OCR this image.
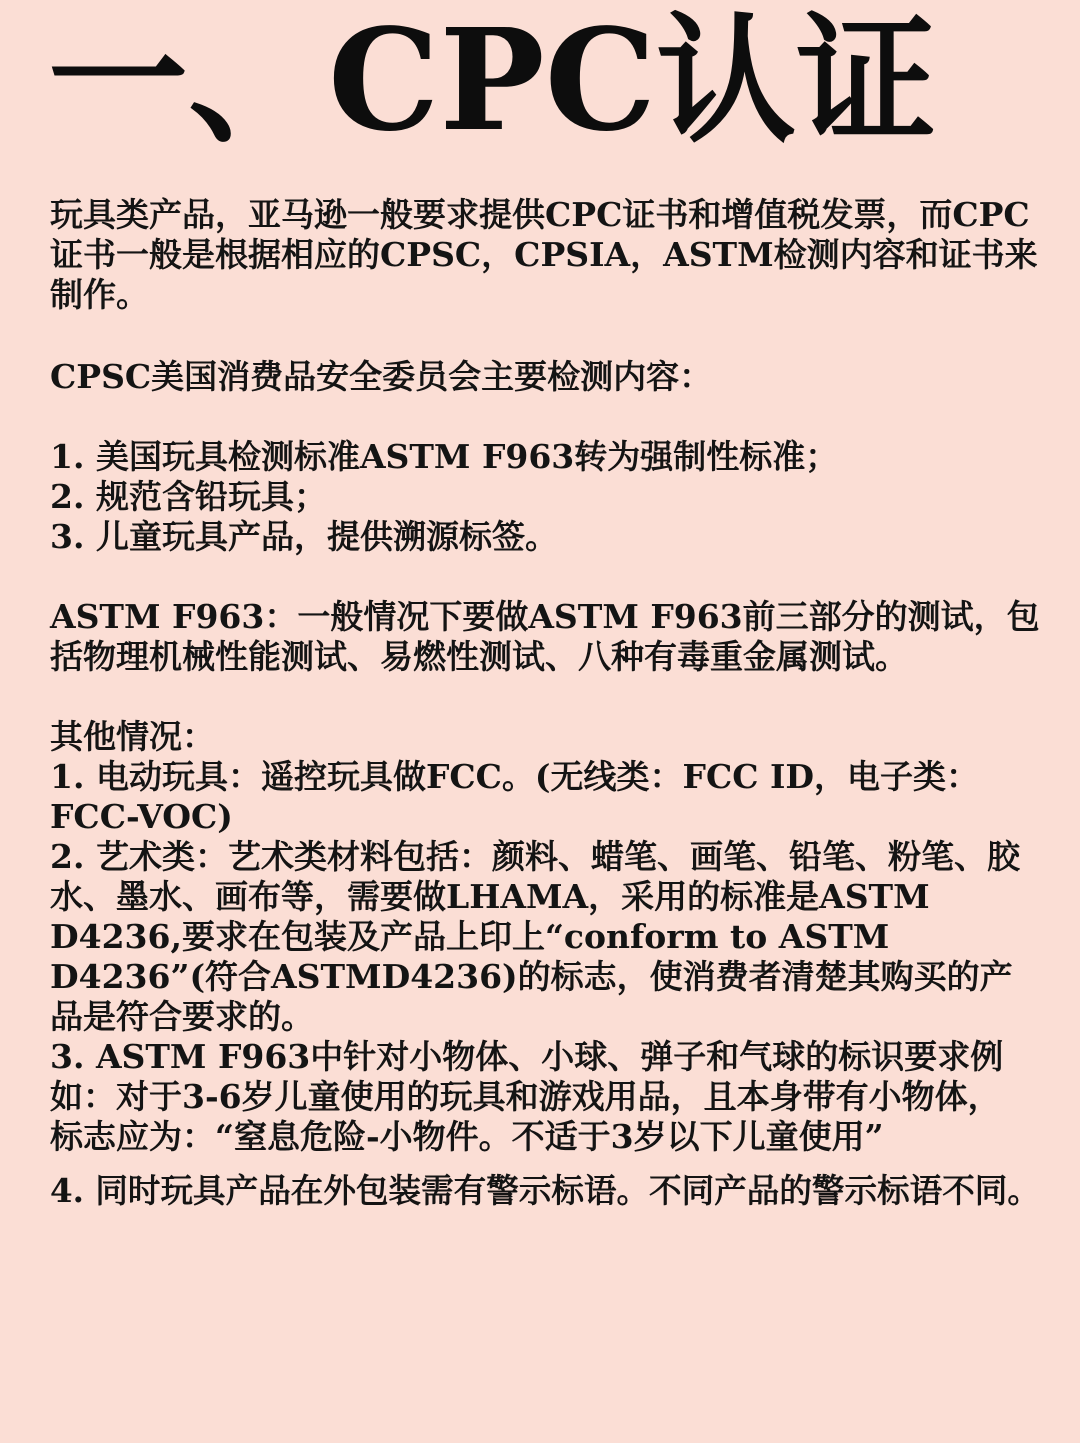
一、CPC认证

玩具类产品，亚马逊一般要求提供CPC证书和增值税发票，而CPC

证书一般是根据相应的CPSC，CPSIA，ASTM检测内容和证书来

制作。

CPSC美国消费品安全委员会主要检测内容：

1. 美国玩具检测标准ASTM F963转为强制性标准；

2. 规范含铅玩具；

3. 儿童玩具产品，提供溯源标签。

ASTM F963：一般情况下要做ASTM F963前三部分的测试，包

括物理机械性能测试、易燃性测试、八种有毒重金属测试。

其他情况：

1. 电动玩具：遥控玩具做FCC。(无线类：FCC ID，电子类：

FCC-VOC)

2. 艺术类：艺术类材料包括：颜料、蜡笔、画笔、铅笔、粉笔、胶

水、墨水、画布等，需要做LHAMA，采用的标准是ASTM

D4236,要求在包装及产品上印上“conform to ASTM

D4236”(符合ASTMD4236)的标志，使消费者清楚其购买的产

品是符合要求的。

3. ASTM F963中针对小物体、小球、弹子和气球的标识要求例

如：对于3-6岁儿童使用的玩具和游戏用品，且本身带有小物体，

标志应为：“窒息危险-小物件。不适于3岁以下儿童使用”

4. 同时玩具产品在外包装需有警示标语。不同产品的警示标语不同。
